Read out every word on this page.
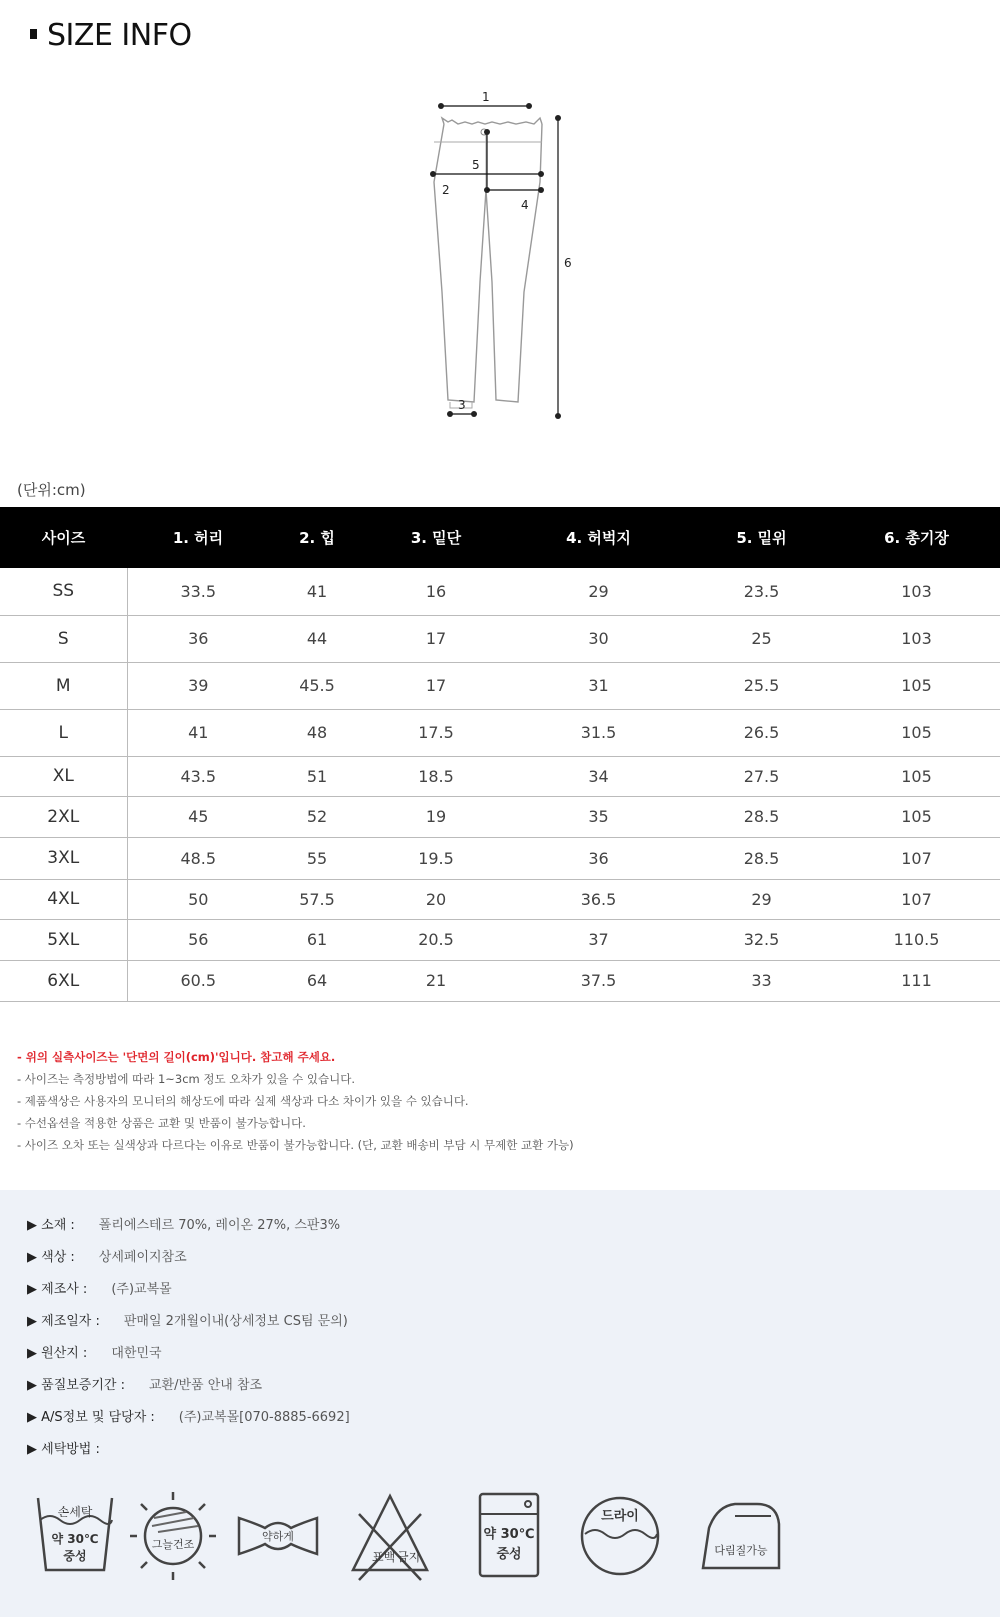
SIZE INFO
1
2
3
4
5
6
(단위:cm)
사이즈	1. 허리	2. 힙	3. 밑단	4. 허벅지	5. 밑위	6. 총기장
SS	33.5	41	16	29	23.5	103
S	36	44	17	30	25	103
M	39	45.5	17	31	25.5	105
L	41	48	17.5	31.5	26.5	105
XL	43.5	51	18.5	34	27.5	105
2XL	45	52	19	35	28.5	105
3XL	48.5	55	19.5	36	28.5	107
4XL	50	57.5	20	36.5	29	107
5XL	56	61	20.5	37	32.5	110.5
6XL	60.5	64	21	37.5	33	111
- 위의 실측사이즈는 '단면의 길이(cm)'입니다. 참고해 주세요.
- 사이즈는 측정방법에 따라 1~3cm 정도 오차가 있을 수 있습니다.
- 제품색상은 사용자의 모니터의 해상도에 따라 실제 색상과 다소 차이가 있을 수 있습니다.
- 수선옵션을 적용한 상품은 교환 및 반품이 불가능합니다.
- 사이즈 오차 또는 실색상과 다르다는 이유로 반품이 불가능합니다. (단, 교환 배송비 부담 시 무제한 교환 가능)
▶ 소재 : 폴리에스테르 70%, 레이온 27%, 스판3%
▶ 색상 : 상세페이지참조
▶ 제조사 : (주)교복몰
▶ 제조일자 : 판매일 2개월이내(상세정보 CS팀 문의)
▶ 원산지 : 대한민국
▶ 품질보증기간 : 교환/반품 안내 참조
▶ A/S정보 및 담당자 : (주)교복몰[070-8885-6692]
▶ 세탁방법 :
손세탁
약 30℃
중성
그늘건조
약하게
표백 금지
약 30℃
중성
드라이
다림질가능
